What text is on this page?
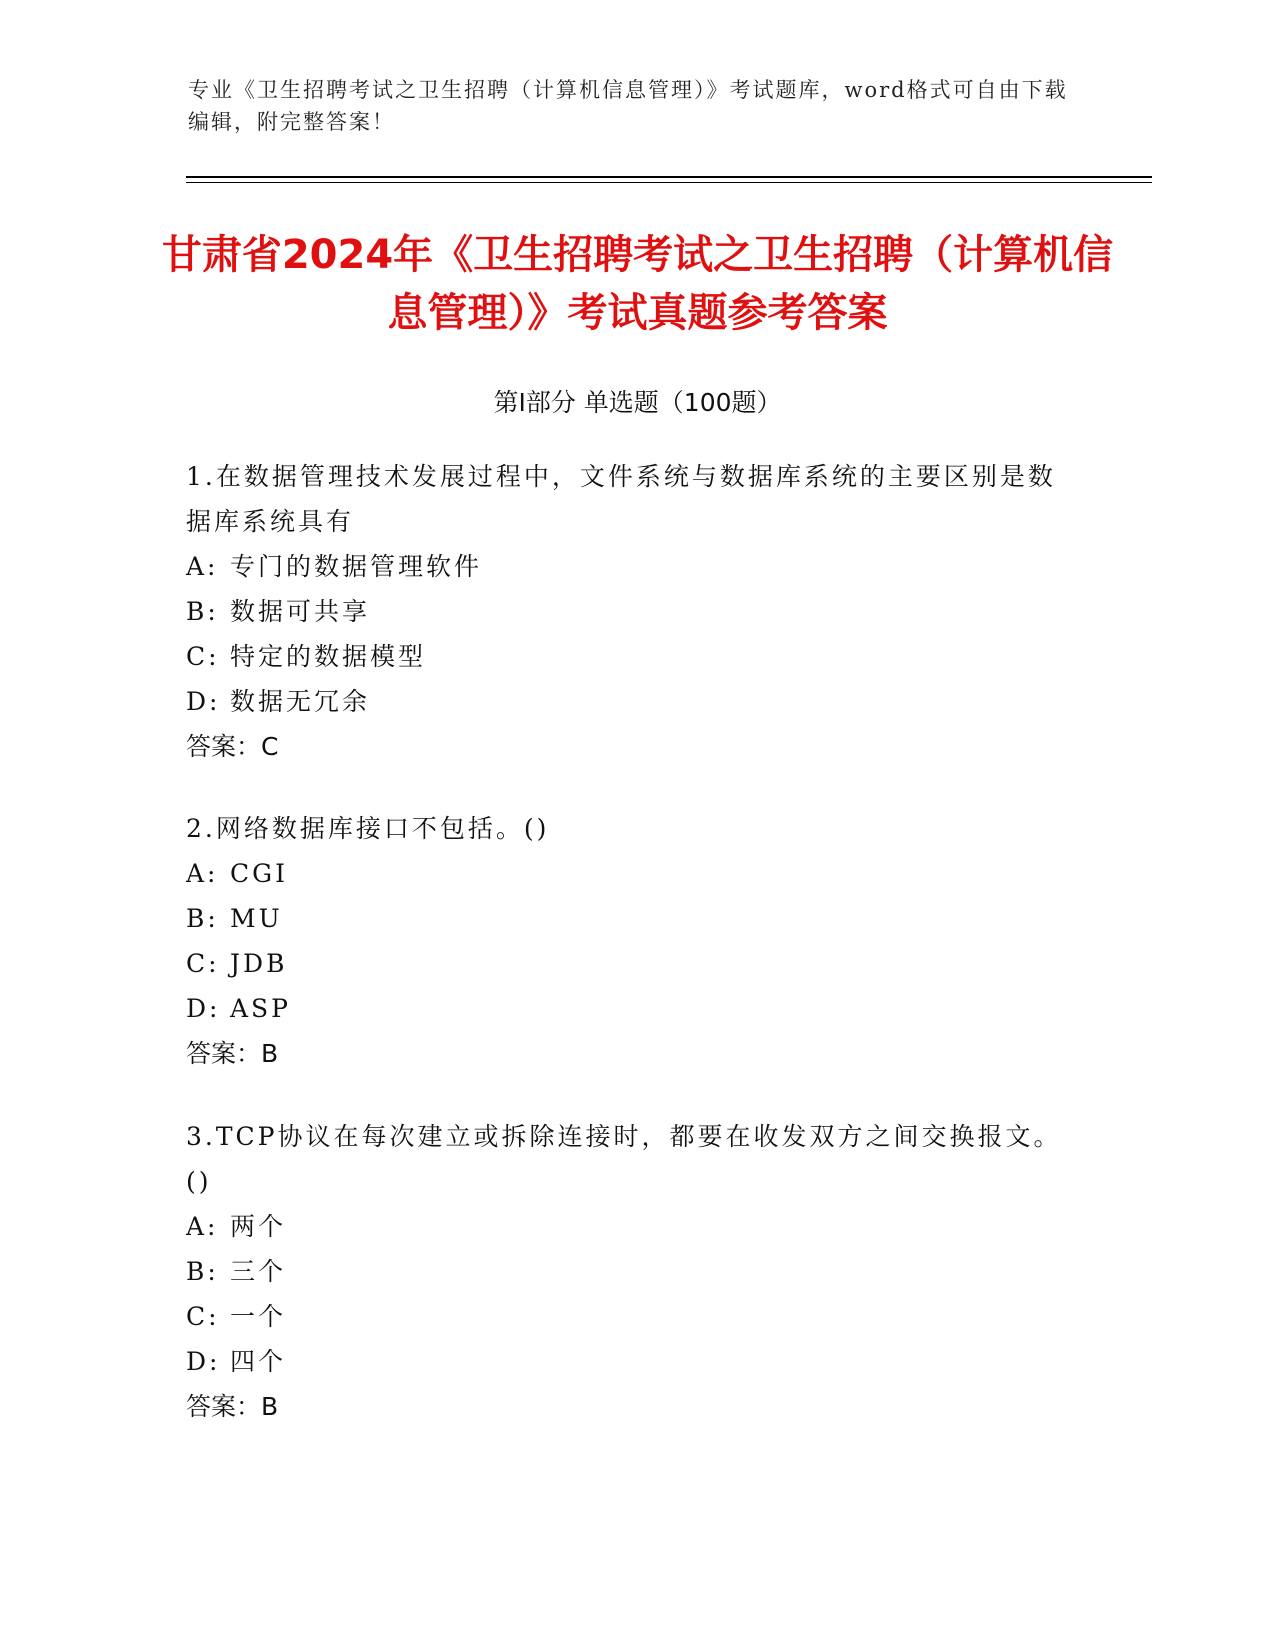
专业《卫生招聘考试之卫生招聘（计算机信息管理）》考试题库，word格式可自由下载编辑，附完整答案！
甘肃省2024年《卫生招聘考试之卫生招聘（计算机信息管理）》考试真题参考答案
第Ⅰ部分 单选题（100题）
1.在数据管理技术发展过程中，文件系统与数据库系统的主要区别是数据库系统具有
A: 专门的数据管理软件
B: 数据可共享
C: 特定的数据模型
D: 数据无冗余
答案：C
2.网络数据库接口不包括。()
A: CGI
B: MU
C: JDB
D: ASP
答案：B
3.TCP协议在每次建立或拆除连接时，都要在收发双方之间交换报文。()
A: 两个
B: 三个
C: 一个
D: 四个
答案：B
